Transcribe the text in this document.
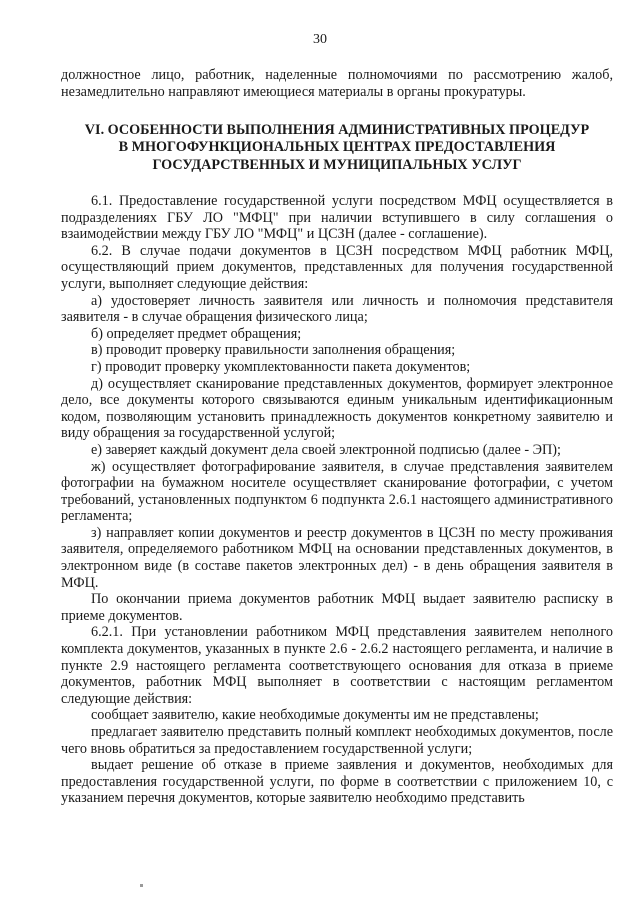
30

должностное лицо, работник, наделенные полномочиями по рассмотрению жалоб, незамедлительно направляют имеющиеся материалы в органы прокуратуры.

VI. ОСОБЕННОСТИ ВЫПОЛНЕНИЯ АДМИНИСТРАТИВНЫХ ПРОЦЕДУР
В МНОГОФУНКЦИОНАЛЬНЫХ ЦЕНТРАХ ПРЕДОСТАВЛЕНИЯ
ГОСУДАРСТВЕННЫХ И МУНИЦИПАЛЬНЫХ УСЛУГ

6.1. Предоставление государственной услуги посредством МФЦ осуществляется в подразделениях ГБУ ЛО "МФЦ" при наличии вступившего в силу соглашения о взаимодействии между ГБУ ЛО "МФЦ" и ЦСЗН (далее - соглашение).

6.2. В случае подачи документов в ЦСЗН посредством МФЦ работник МФЦ, осуществляющий прием документов, представленных для получения государственной услуги, выполняет следующие действия:

а) удостоверяет личность заявителя или личность и полномочия представителя заявителя - в случае обращения физического лица;

б) определяет предмет обращения;

в) проводит проверку правильности заполнения обращения;

г) проводит проверку укомплектованности пакета документов;

д) осуществляет сканирование представленных документов, формирует электронное дело, все документы которого связываются единым уникальным идентификационным кодом, позволяющим установить принадлежность документов конкретному заявителю и виду обращения за государственной услугой;

е) заверяет каждый документ дела своей электронной подписью (далее - ЭП);

ж) осуществляет фотографирование заявителя, в случае представления заявителем фотографии на бумажном носителе осуществляет сканирование фотографии, с учетом требований, установленных подпунктом 6 подпункта 2.6.1 настоящего административного регламента;

з) направляет копии документов и реестр документов в ЦСЗН по месту проживания заявителя, определяемого работником МФЦ на основании представленных документов, в электронном виде (в составе пакетов электронных дел) - в день обращения заявителя в МФЦ.

По окончании приема документов работник МФЦ выдает заявителю расписку в приеме документов.

6.2.1. При установлении работником МФЦ представления заявителем неполного комплекта документов, указанных в пункте 2.6 - 2.6.2 настоящего регламента, и наличие в пункте 2.9 настоящего регламента соответствующего основания для отказа в приеме документов, работник МФЦ выполняет в соответствии с настоящим регламентом следующие действия:

сообщает заявителю, какие необходимые документы им не представлены;

предлагает заявителю представить полный комплект необходимых документов, после чего вновь обратиться за предоставлением государственной услуги;

выдает решение об отказе в приеме заявления и документов, необходимых для предоставления государственной услуги, по форме в соответствии с приложением 10, с указанием перечня документов, которые заявителю необходимо представить
